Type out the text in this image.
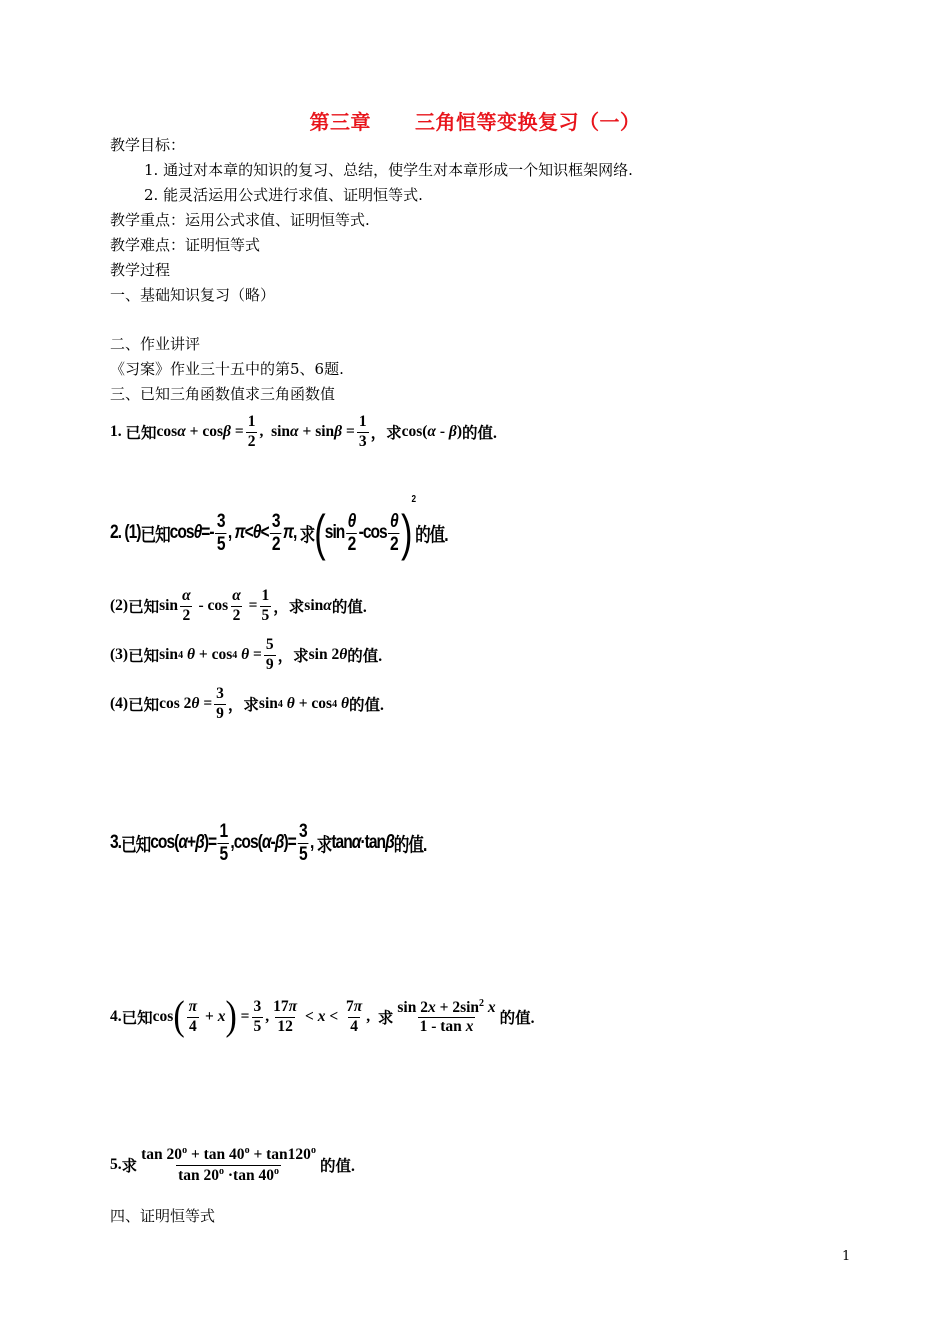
第三章 三角恒等变换复习（一）
教学目标：
1. 通过对本章的知识的复习、总结，使学生对本章形成一个知识框架网络.
2. 能灵活运用公式进行求值、证明恒等式.
教学重点：运用公式求值、证明恒等式.
教学难点：证明恒等式
教学过程
一、基础知识复习（略）
二、作业讲评
《习案》作业三十五中的第5、6题.
三、已知三角函数值求三角函数值
1.
已知 $\cos \alpha + \cos \beta = \frac{1}{2}$ ,  $\sin \alpha + \sin \beta = \frac{1}{3}$ ，求 cos( α - β ) 的值.
2. (1) 已知 $\cos \theta =- \frac{3}{5}$ , $\pi < \theta < \frac{3}{2}$ π , 求 ( $\sin \frac{\theta}{2} -\cos \frac{\theta}{2}$ )
2
的值.
(2) 已知 $\sin \frac{\alpha}{2} - \cos \frac{\alpha}{2} = \frac{1}{5}$ ，求 sin α 的值.
(3) 已知 sin 4
θ + cos 4
$\theta = \frac{5}{9}$ ，求 sin 2 θ 的值.
(4) 已知 cos 2 $\theta = \frac{3}{9}$ ，求 sin 4
θ + cos 4
θ 的值.
3. 已知 cos( α + β )= $\frac{1}{5} ,\cos$( α - β )= $\frac{3}{5}$ , 求 tan α ·tan β 的值.
4. 已知 cos ( $\frac{\pi}{4} + x$ ) = $\frac{3}{5}$ , $\frac{17\pi}{12} < x < \frac{7\pi}{4}$ , 求 $\frac{\sin 2x + 2\sin^2 x}{\text{1 - tan x}}$ 的值.
5. 求 $\frac{\tan 20^o + \tan 40^o + \tan 120^o}{\tan 20^o \cdot\tan 40^o}$ 的值.
四、证明恒等式
1
